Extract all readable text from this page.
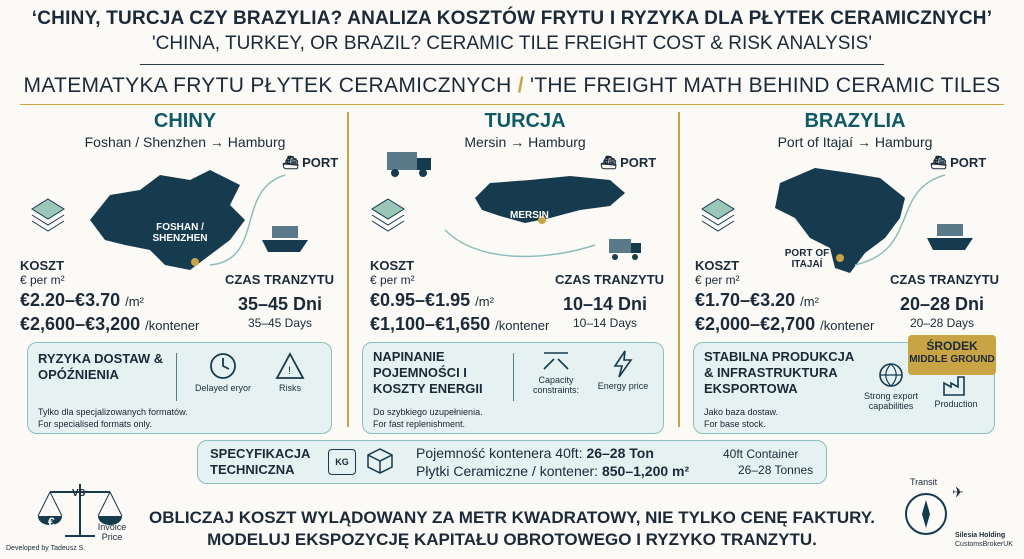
‘CHINY, TURCJA CZY BRAZYLIA? ANALIZA KOSZTÓW FRYTU I RYZYKA DLA PŁYTEK CERAMICZNYCH’
'CHINA, TURKEY, OR BRAZIL? CERAMIC TILE FREIGHT COST & RISK ANALYSIS'
MATEMATYKA FRYTU PŁYTEK CERAMICZNYCH / 'THE FREIGHT MATH BEHIND CERAMIC TILES
CHINY
Foshan / Shenzhen → Hamburg
FOSHAN / SHENZHEN
⛴ PORT
KOSZT
€ per m²
€2.20–€3.70 /m²
€2,600–€3,200 /kontener
CZAS TRANZYTU
35–45 Dni
35–45 Days
RYZYKA DOSTAW & OPÓŹNIENIA
Delayed eryor
!
Risks
Tylko dla specjalizowanych formatów.
For specialised formats only.
TURCJA
Mersin → Hamburg
MERSIN
⛴ PORT
KOSZT
€ per m²
€0.95–€1.95 /m²
€1,100–€1,650 /kontener
CZAS TRANZYTU
10–14 Dni
10–14 Days
NAPINANIE POJEMNOŚCI I KOSZTY ENERGII
Capacity constraints:	Energy price
Do szybkiego uzupełnienia.
For fast replenishment.
BRAZYLIA
Port of Itajaí → Hamburg
PORT OF ITAJAÍ
⛴ PORT
KOSZT
€ per m²
€1.70–€3.20 /m²
€2,000–€2,700 /kontener
CZAS TRANZYTU
20–28 Dni
20–28 Days
STABILNA PRODUKCJA & INFRASTRUKTURA EKSPORTOWA	Strong export capabilities	Production
Jako baza dostaw.
For base stock.
ŚRODEK
MIDDLE GROUND
SPECYFIKACJA TECHNICZNA	KG
Pojemność kontenera 40ft: 26–28 Ton
Płytki Ceramiczne / kontener: 850–1,200 m²
40ft Container
26–28 Tonnes
€
VS
Invoice Price
Developed by Tadeusz S.
OBLICZAJ KOSZT WYLĄDOWANY ZA METR KWADRATOWY, NIE TYLKO CENĘ FAKTURY.
MODELUJ EKSPOZYCJĘ KAPITAŁU OBROTOWEGO I RYZYKO TRANZYTU.
Transit
✈
Silesia Holding
CustomsBrokerUK
